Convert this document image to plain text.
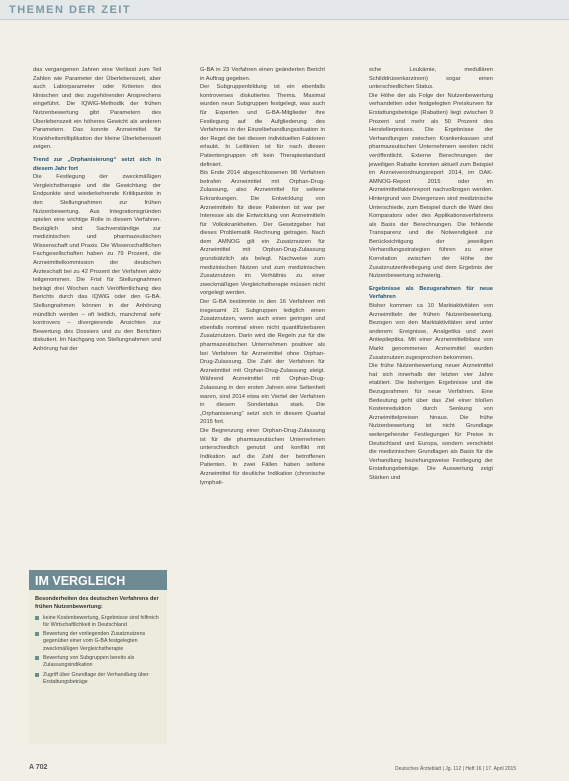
THEMEN DER ZEIT

das vergangenen Jahren eine Verlässt zum Teil Zahlen wie Parameter der Überlebenszeit, aber auch Laborparameter oder Kriterien des klinischen und des zugehörenden Ansprechens eingeführt. Die IQWiG-Methodik der frühen Nutzenbewertung gibt Parametern des Überlebenszeit ein höheres Gewicht als anderen Parametern. Das konnte Arzneimittel für Krankheitsmiltiplikation der kleine Überlebenszeit zeigen.

Trend zur „Orphanisierung“ setzt sich in diesem Jahr fort

Die Festlegung der zweckmäßigen Vergleichstherapie und die Gewichtung der Endpunkte sind wiederkehrende Kritikpunkte in den Stellungnahmen zur frühen Nutzenbewertung. Aus Integrationsgründen spielen eine wichtige Rolle in diesem Verfahren. Bezüglich sind Sachverständige zur medizinischen und pharmazeutischen Wissenschaft und Praxis. Die Wissenschaftlichen Fachgesellschaften haben zu 79 Prozent, die Arzneimittelkommission der deutschen Ärzteschaft bei zu 42 Prozent der Verfahren aktiv teilgenommen. Die Frist für Stellungnahmen beträgt drei Wochen nach Veröffentlichung des Berichts durch das IQWiG oder den G-BA. Stellungnahmen können in der Anhörung mündlich werden – oft leidlich, manchmal sehr kontrovers – divergierende Ansichten zur Bewertung des Dossiers und zu den Berichten diskutiert. Im Nachgang von Stellungnahmen und Anhörung hat der

G-BA in 23 Verfahren einen geänderten Bericht in Auftrag gegeben.

Der Subgruppenbildung ist ein ebenfalls kontroverses diskutiertes Thema. Maximal wurden neun Subgruppen festgelegt, was auch für Experten und G-BA-Mitglieder ihre Festlegung auf die Aufgliederung des Verfahrens in der Einzelbehandlungssituation in der Regel der bei diesem individuellen Faktoren erlaubt. In Leitlinien ist für nach diesen Patientengruppen oft kein Therapiestandard definiert.

Bis Ende 2014 abgeschlossenen 98 Verfahren betrafen Arzneimittel mit Orphan-Drug-Zulassung, also Arzneimittel für seltene Erkrankungen. Die Entwicklung von Arzneimitteln für diese Patienten ist war per Interesse als die Entwicklung von Arzneimitteln für Volkskrankheiten. Der Gesetzgeber hat dieses Problematik Rechnung getragen. Nach dem AMNOG gilt ein Zusatznutzen für Arzneimittel mit Orphan-Drug-Zulassung grundsätzlich als belegt. Nachweise zum medizinischen Nutzen und zum medizinischen Zusatznutzen im Verhältnis zu einer zweckmäßigen Vergleichstherapie müssen nicht vorgelegt werden.

Der G-BA bestimmte in den 16 Verfahren mit insgesamt 21 Subgruppen lediglich einen Zusatznutzen, wenn auch einen geringen und ebenfalls nominal einen nicht quantifizierbaren Zusatznutzen. Darin wird die Regeln zur für die pharmazeutischen Unternehmen positiver als bei Verfahren für Arzneimittel ohne Orphan-Drug-Zulassung. Die Zahl der Verfahren für Arzneimittel mit Orphan-Drug-Zulassung steigt. Während Arzneimittel mit Orphan-Drug-Zulassung in den ersten Jahren eine Seltenheit waren, sind 2014 etwa ein Viertel der Verfahren in diesem Sondertatus stark. Die „Orphanisierung“ setzt sich in diesem Quartal 2015 fort.

Die Begrenzung einer Orphan-Drug-Zulassung ist für die pharmazeutischen Unternehmen unterschiedlich genutzt und konflikt mit Indikation auf die Zahl der betroffenen Patienten. In zwei Fällen haben seltene Arzneimittel für deutliche Indikation (chronische lymphati-

sche Leukämie, medullären Schilddrüsenkarzinom) sogar einen unterschiedlichen Status.

Die Höhe der als Folge der Nutzenbewertung verhandelten oder festgelegten Preiskurven für Erstattungsbeträge (Rabatten) liegt zwischen 9 Prozent und mehr als 50 Prozent des Herstellerpreises. Die Ergebnisse der Verhandlungen zwischen Krankenkassen und pharmazeutischen Unternehmern werden nicht veröffentlicht. Externe Berechnungen der jeweiligen Rabatte konnten aktuell zum Beispiel im Arzneiverordnungsreport 2014, im DAK-AMNOG-Report 2015 oder im Arzneimittelfaktenreport nachvollzogen werden. Hintergrund von Divergenzen sind medizinische Unterschiede, zum Beispiel durch die Wahl des Komparators oder des Applikationsverfahrens als Basis der Berechnungen. Die fehlende Transparenz und die Notwendigkeit zur Berücksichtigung der jeweiligen Verhandlungsstrategien führen zu einer Korrelation zwischen der Höhe der Zusatznutzenfestlegung und dem Ergebnis der Nutzenbewertung schwierig.

Ergebnisse als Bezugsrahmen für neue Verfahren

Bisher kommen ca 10 Marktaktivitäten von Arzneimitteln der frühen Nutzenbewertung. Bezogen von den Marktaktivitäten sind unter anderem: Ereignisse, Analgetika und zwei Antiepileptika. Mit einer Arzneimittelbilanz von Markt genommenen Arzneimittel wurden Zusatznutzen zugesprochen bekommen.

Die frühe Nutzenbewertung neuer Arzneimittel hat sich innerhalb der letzten vier Jahre etabliert. Die bisherigen Ergebnisse und die Bezugsrahmen für neue Verfahren. Eine Bedeutung geht über das Ziel einer bloßen Kostenreduktion durch Senkung von Arzneimittelpreisen hinaus. Die frühe Nutzenbewertung ist nicht Grundlage weitergehender Festlegungen für Preise in Deutschland und Europa, sondern verschiebt die medizinischen Grundlagen als Basis für die Verhandlung beziehungsweise Festlegung der Erstattungsbeträge. Die Auswertung zeigt Stärken und

IM VERGLEICH
Besonderheiten des deutschen Verfahrens der frühen Nutzenbewertung:
keine Kostenbewertung, Ergebnisse sind hilfreich für Wirtschaftlichkeit in Deutschland
Bewertung der vorliegenden Zusatznutzens gegenüber einer vom G-BA festgelegten zweckmäßigen Vergleichstherapie
Bewertung von Subgruppen bereits als Zulassungsindikation
Zugriff über Grundlage der Verhandlung über Erstattungsbeträge
A 702	Deutsches Ärzteblatt | Jg. 112 | Heft 16 | 17. April 2015
